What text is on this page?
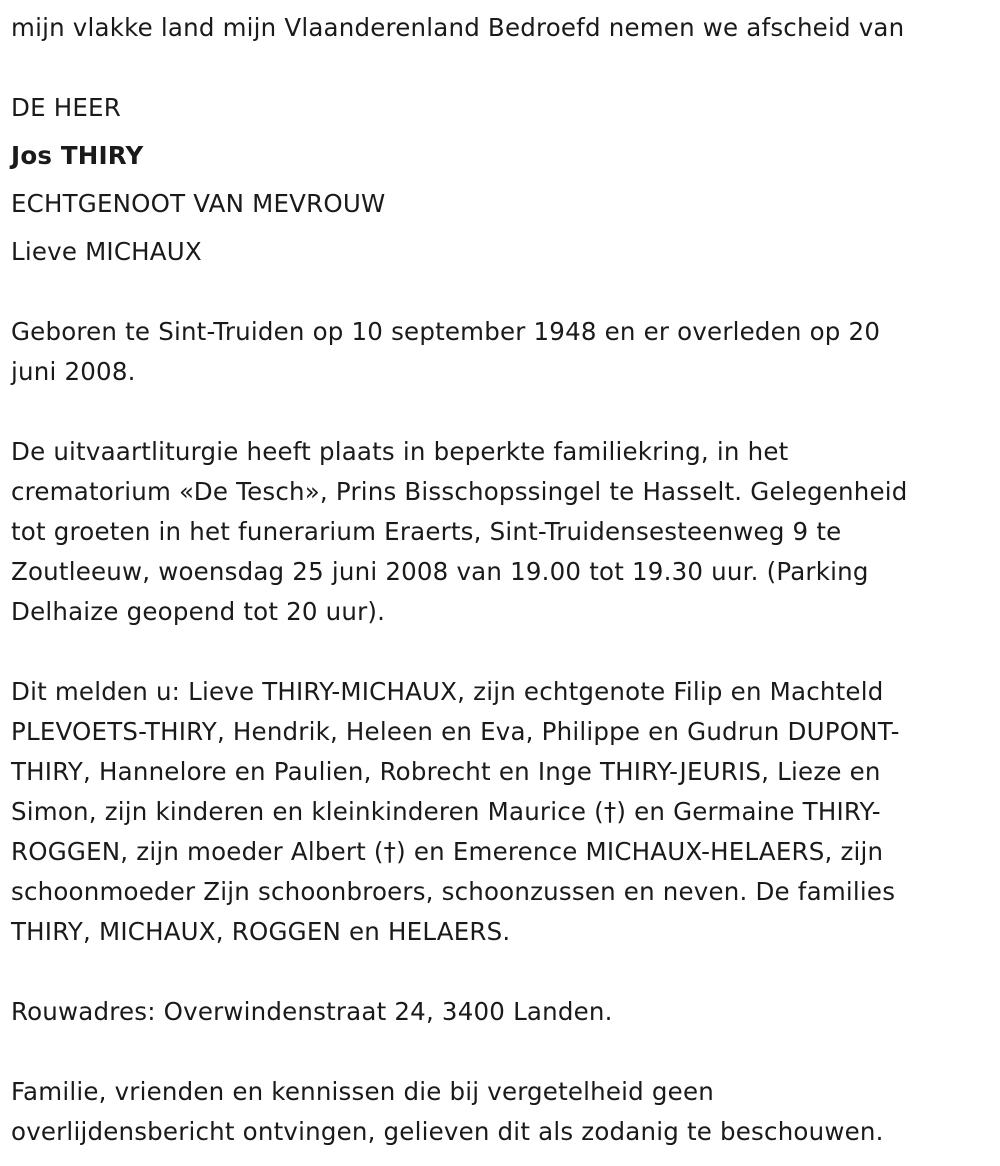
mijn vlakke land mijn Vlaanderenland Bedroefd nemen we afscheid van

DE HEER

Jos THIRY

ECHTGENOOT VAN MEVROUW

Lieve MICHAUX

Geboren te Sint-Truiden op 10 september 1948 en er overleden op 20

juni 2008.

De uitvaartliturgie heeft plaats in beperkte familiekring, in het

crematorium «De Tesch», Prins Bisschopssingel te Hasselt. Gelegenheid

tot groeten in het funerarium Eraerts, Sint-Truidensesteenweg 9 te

Zoutleeuw, woensdag 25 juni 2008 van 19.00 tot 19.30 uur. (Parking

Delhaize geopend tot 20 uur).

Dit melden u: Lieve THIRY-MICHAUX, zijn echtgenote Filip en Machteld

PLEVOETS-THIRY, Hendrik, Heleen en Eva, Philippe en Gudrun DUPONT-

THIRY, Hannelore en Paulien, Robrecht en Inge THIRY-JEURIS, Lieze en

Simon, zijn kinderen en kleinkinderen Maurice (†) en Germaine THIRY-

ROGGEN, zijn moeder Albert (†) en Emerence MICHAUX-HELAERS, zijn

schoonmoeder Zijn schoonbroers, schoonzussen en neven. De families

THIRY, MICHAUX, ROGGEN en HELAERS.

Rouwadres: Overwindenstraat 24, 3400 Landen.

Familie, vrienden en kennissen die bij vergetelheid geen

overlijdensbericht ontvingen, gelieven dit als zodanig te beschouwen.
